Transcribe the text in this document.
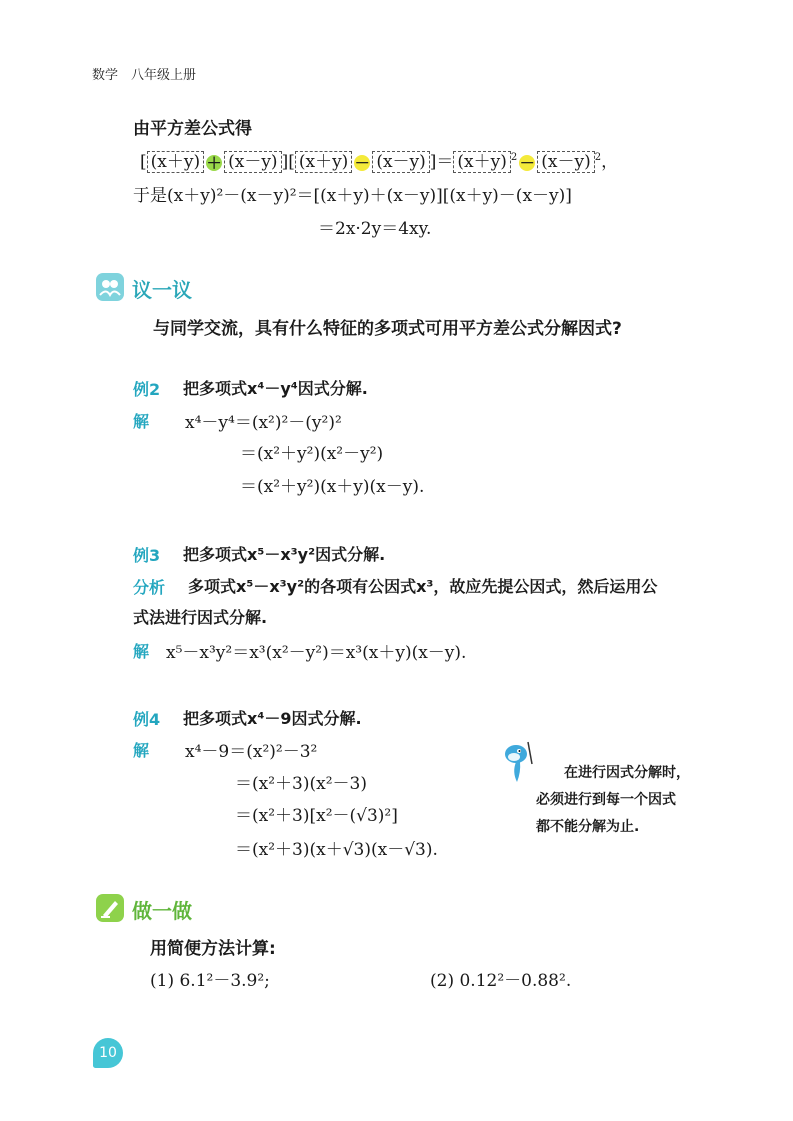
数学　八年级上册
由平方差公式得
[ (x＋y) ＋ (x－y) ][ (x＋y) － (x－y) ]＝ (x＋y) $^2$ － (x－y) $^2$，
于是(x＋y)²－(x－y)²＝[(x＋y)＋(x－y)][(x＋y)－(x－y)]
＝2x·2y＝4xy.
议一议
与同学交流，具有什么特征的多项式可用平方差公式分解因式?
例2 把多项式x⁴－y⁴因式分解.
解 x⁴－y⁴＝(x²)²－(y²)²
＝(x²＋y²)(x²－y²)
＝(x²＋y²)(x＋y)(x－y).
例3 把多项式x⁵－x³y²因式分解.
分析 多项式x⁵－x³y²的各项有公因式x³，故应先提公因式，然后运用公
式法进行因式分解.
解 x⁵－x³y²＝x³(x²－y²)＝x³(x＋y)(x－y).
例4 把多项式x⁴－9因式分解.
解 x⁴－9＝(x²)²－3²
＝(x²＋3)(x²－3)
＝(x²＋3)[x²－(√3)²]
＝(x²＋3)(x＋√3)(x－√3).
在进行因式分解时，
必须进行到每一个因式
都不能分解为止.
做一做
用简便方法计算:
(1) 6.1²－3.9²;	(2) 0.12²－0.88².
10
